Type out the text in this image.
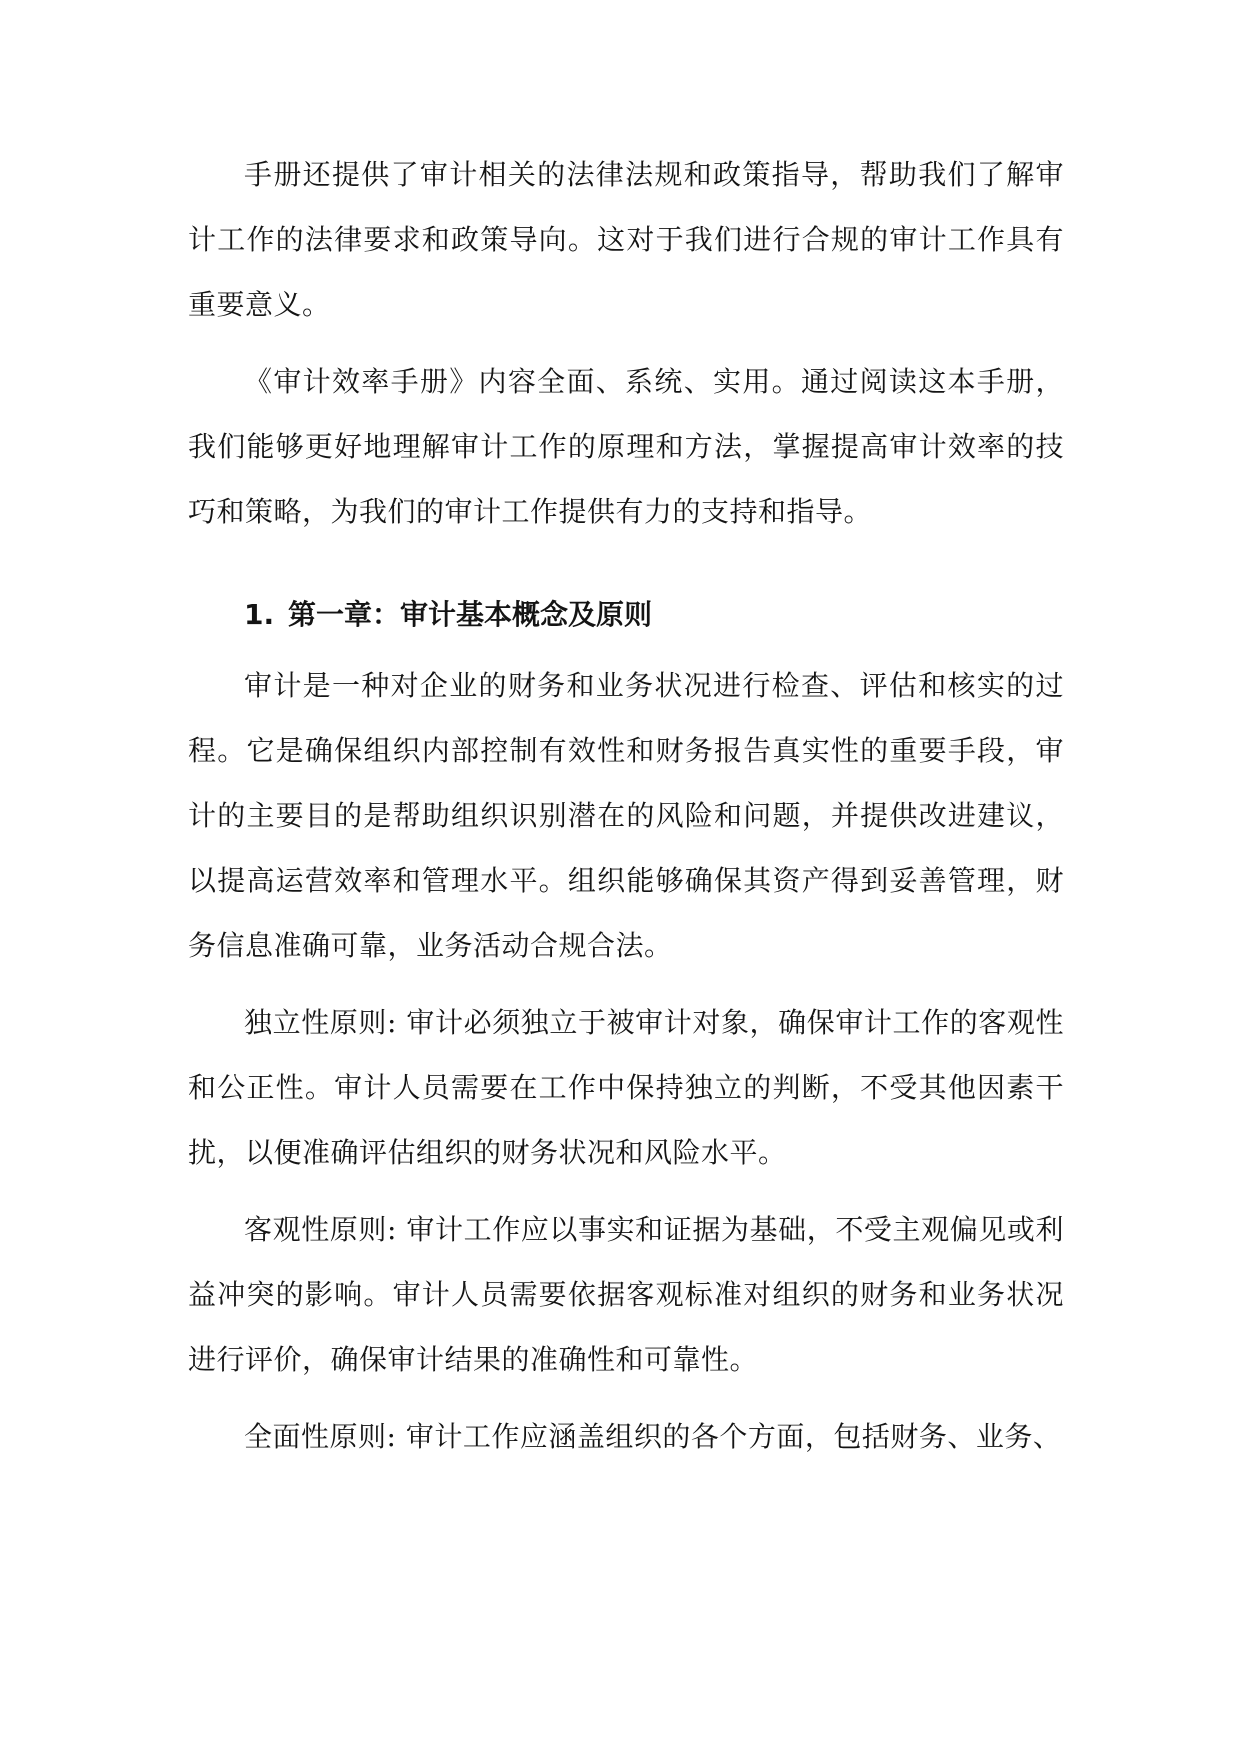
手册还提供了审计相关的法律法规和政策指导，帮助我们了解审计工作的法律要求和政策导向。这对于我们进行合规的审计工作具有重要意义。

《审计效率手册》内容全面、系统、实用。通过阅读这本手册，我们能够更好地理解审计工作的原理和方法，掌握提高审计效率的技巧和策略，为我们的审计工作提供有力的支持和指导。

1. 第一章：审计基本概念及原则

审计是一种对企业的财务和业务状况进行检查、评估和核实的过程。它是确保组织内部控制有效性和财务报告真实性的重要手段，审计的主要目的是帮助组织识别潜在的风险和问题，并提供改进建议，以提高运营效率和管理水平。组织能够确保其资产得到妥善管理，财务信息准确可靠，业务活动合规合法。

独立性原则: 审计必须独立于被审计对象，确保审计工作的客观性和公正性。审计人员需要在工作中保持独立的判断，不受其他因素干扰，以便准确评估组织的财务状况和风险水平。

客观性原则: 审计工作应以事实和证据为基础，不受主观偏见或利益冲突的影响。审计人员需要依据客观标准对组织的财务和业务状况进行评价，确保审计结果的准确性和可靠性。

全面性原则: 审计工作应涵盖组织的各个方面，包括财务、业务、
